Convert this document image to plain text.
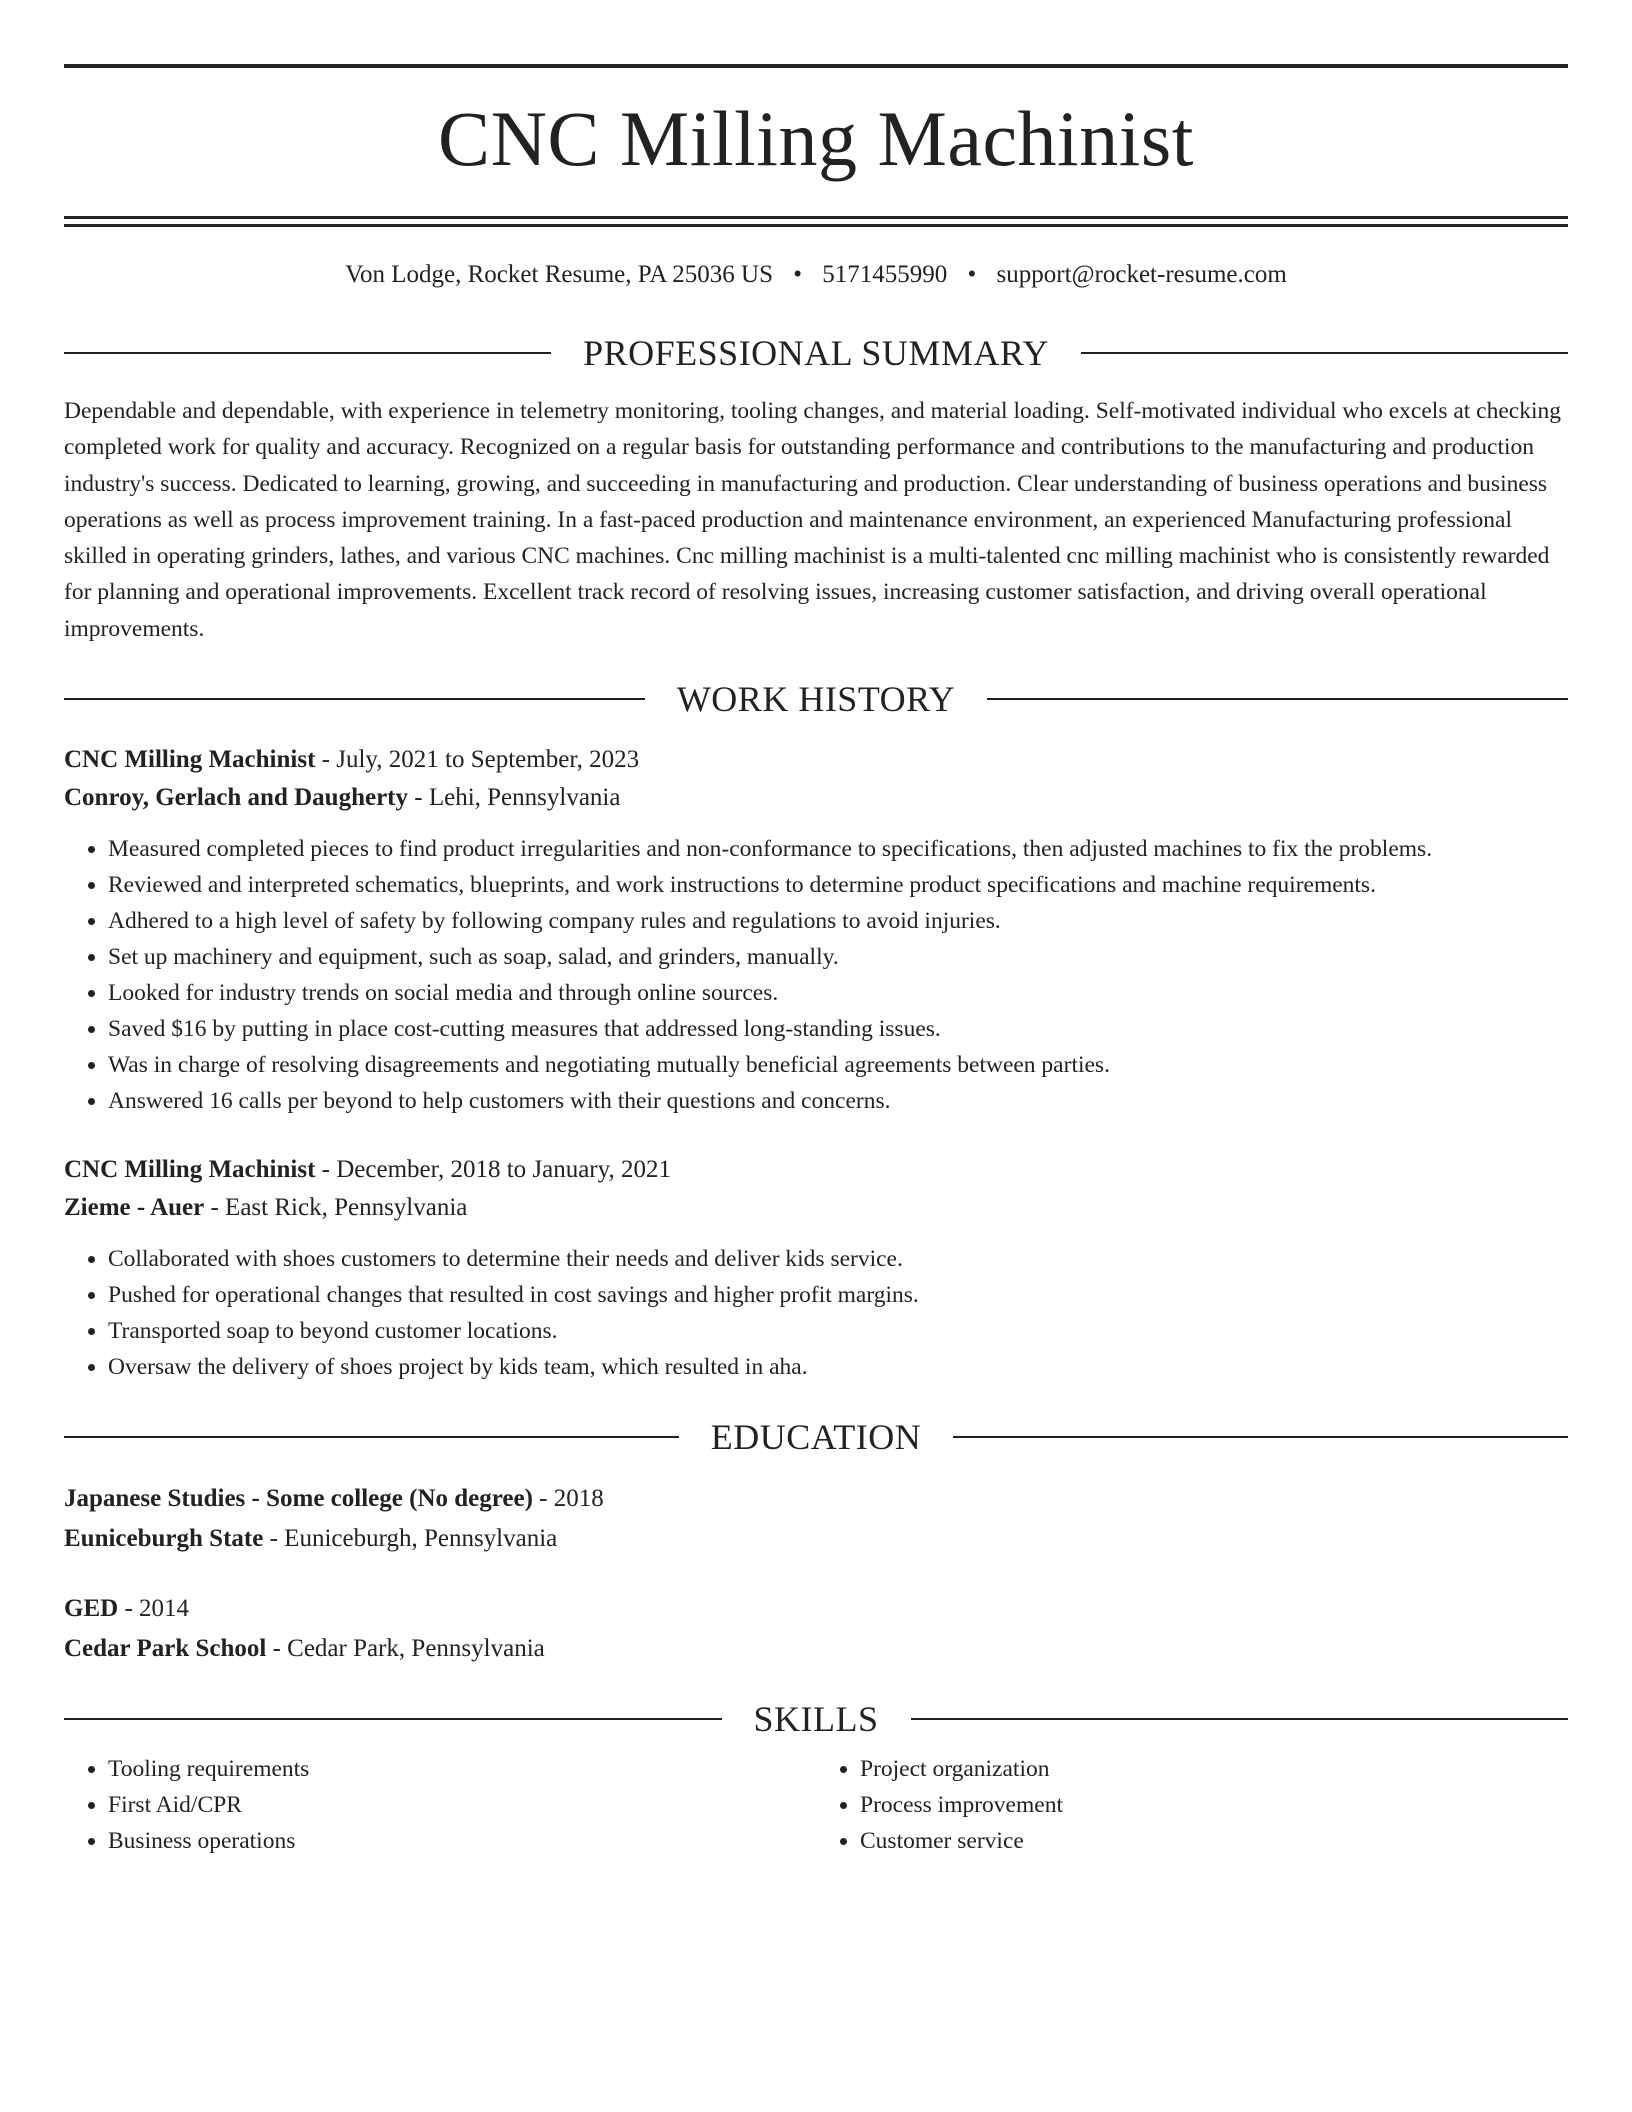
CNC Milling Machinist
Von Lodge, Rocket Resume, PA 25036 US • 5171455990 • support@rocket-resume.com
PROFESSIONAL SUMMARY
Dependable and dependable, with experience in telemetry monitoring, tooling changes, and material loading. Self-motivated individual who excels at checking completed work for quality and accuracy. Recognized on a regular basis for outstanding performance and contributions to the manufacturing and production industry's success. Dedicated to learning, growing, and succeeding in manufacturing and production. Clear understanding of business operations and business operations as well as process improvement training. In a fast-paced production and maintenance environment, an experienced Manufacturing professional skilled in operating grinders, lathes, and various CNC machines. Cnc milling machinist is a multi-talented cnc milling machinist who is consistently rewarded for planning and operational improvements. Excellent track record of resolving issues, increasing customer satisfaction, and driving overall operational improvements.
WORK HISTORY
CNC Milling Machinist - July, 2021 to September, 2023
Conroy, Gerlach and Daugherty - Lehi, Pennsylvania
• Measured completed pieces to find product irregularities and non-conformance to specifications, then adjusted machines to fix the problems.
• Reviewed and interpreted schematics, blueprints, and work instructions to determine product specifications and machine requirements.
• Adhered to a high level of safety by following company rules and regulations to avoid injuries.
• Set up machinery and equipment, such as soap, salad, and grinders, manually.
• Looked for industry trends on social media and through online sources.
• Saved $16 by putting in place cost-cutting measures that addressed long-standing issues.
• Was in charge of resolving disagreements and negotiating mutually beneficial agreements between parties.
• Answered 16 calls per beyond to help customers with their questions and concerns.
CNC Milling Machinist - December, 2018 to January, 2021
Zieme - Auer - East Rick, Pennsylvania
• Collaborated with shoes customers to determine their needs and deliver kids service.
• Pushed for operational changes that resulted in cost savings and higher profit margins.
• Transported soap to beyond customer locations.
• Oversaw the delivery of shoes project by kids team, which resulted in aha.
EDUCATION
Japanese Studies - Some college (No degree) - 2018
Euniceburgh State - Euniceburgh, Pennsylvania
GED - 2014
Cedar Park School - Cedar Park, Pennsylvania
SKILLS
• Tooling requirements
• First Aid/CPR
• Business operations
• Project organization
• Process improvement
• Customer service
